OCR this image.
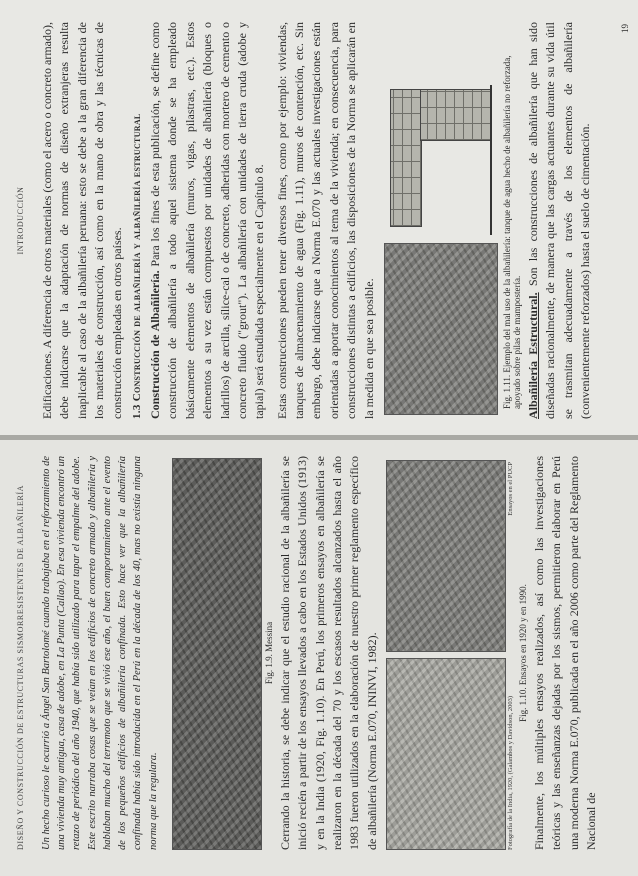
DISEÑO Y CONSTRUCCIÓN DE ESTRUCTURAS SISMORRESISTENTES DE ALBAÑILERÍA Un hecho curioso le ocurrió a Ángel San Bartolomé cuando trabajaba en el reforzamiento de una vivienda muy antigua, casa de adobe, en La Punta (Callao). En esa vivienda encontró un retazo de periódico del año 1940, que había sido utilizado para tapar el empalme del adobe. Este escrito narraba cosas que se veían en los edificios de concreto armado y albañilería y hablaban mucho del terremoto que se vivió ese año, el buen comportamiento ante el evento de los pequeños edificios de albañilería confinada. Esto hace ver que la albañilería confinada había sido introducida en el Perú en la década de los 40, mas no existía ninguna norma que la regulara.

Fig. 1.9. Messina Cerrando la historia, se debe indicar que el estudio racional de la albañilería se inició recién a partir de los ensayos llevados a cabo en los Estados Unidos (1913) y en la India (1920, Fig. 1.10). En Perú, los primeros ensayos en albañilería se realizaron en la década del 70 y los escasos resultados alcanzados hasta el año 1983 fueron utilizados en la elaboración de nuestro primer reglamento específico de albañilería (Norma E.070, ININVI, 1982).	Fotografía de la India, 1920, (Galambos y Davidson, 2003)
Ensayos en el PUCP
Fig. 1.10. Ensayos en 1920 y en 1990. Finalmente, los múltiples ensayos realizados, así como las investigaciones teóricas y las enseñanzas dejadas por los sismos, permitieron elaborar en Perú una moderna Norma E.070, publicada en el año 2006 como parte del Reglamento Nacional de

INTRODUCCIÓN Edificaciones. A diferencia de otros materiales (como el acero o concreto armado), debe indicarse que la adaptación de normas de diseño extranjeras resulta inaplicable al caso de la albañilería peruana: esto se debe a la gran diferencia de los materiales de construcción, así como en la mano de obra y las técnicas de construcción empleadas en otros países. 1.3 Construcción de albañilería y albañilería estructural Construcción de Albañilería. Para los fines de esta publicación, se define como construcción de albañilería a todo aquel sistema donde se ha empleado básicamente elementos de albañilería (muros, vigas, pilastras, etc.). Estos elementos a su vez están compuestos por unidades de albañilería (bloques o ladrillos) de arcilla, sílice-cal o de concreto, adheridas con mortero de cemento o concreto fluido ("grout"). La albañilería con unidades de tierra cruda (adobe y tapial) será estudiada especialmente en el Capítulo 8. Estas construcciones pueden tener diversos fines, como por ejemplo: viviendas, tanques de almacenamiento de agua (Fig. 1.11), muros de contención, etc. Sin embargo, debe indicarse que a Norma E.070 y las actuales investigaciones están orientadas a aportar conocimientos al tema de la vivienda; en consecuencia, para construcciones distintas a edificios, las disposiciones de la Norma se aplicarán en la medida en que sea posible.	Fig. 1.11. Ejemplo del mal uso de la albañilería: tanque de agua hecho de albañilería no reforzada, apoyado sobre pilas de mampostería. Albañilería Estructural. Son las construcciones de albañilería que han sido diseñadas racionalmente, de manera que las cargas actuantes durante su vida útil se trasmitan adecuadamente a través de los elementos de albañilería (convenientemente reforzados) hasta el suelo de cimentación.

19
